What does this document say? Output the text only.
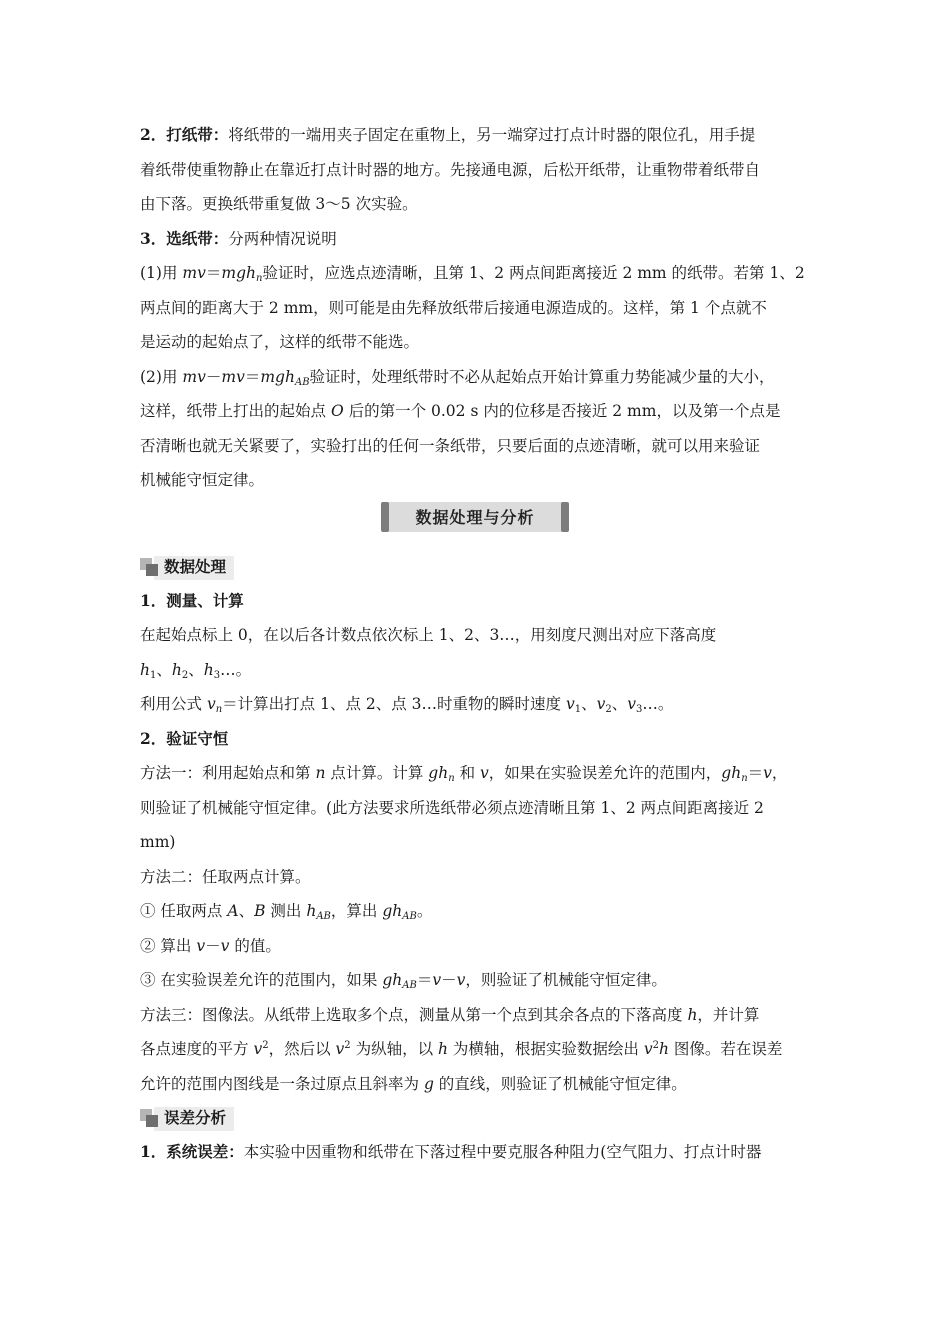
2．打纸带：将纸带的一端用夹子固定在重物上，另一端穿过打点计时器的限位孔，用手提

着纸带使重物静止在靠近打点计时器的地方。先接通电源，后松开纸带，让重物带着纸带自

由下落。更换纸带重复做 3～5 次实验。

3．选纸带：分两种情况说明

(1)用 mv＝mgh$_n$验证时，应选点迹清晰，且第 1、2 两点间距离接近 2 mm 的纸带。若第 1、2

两点间的距离大于 2 mm，则可能是由先释放纸带后接通电源造成的。这样，第 1 个点就不

是运动的起始点了，这样的纸带不能选。

(2)用 mv－mv＝mgh$_{AB}$验证时，处理纸带时不必从起始点开始计算重力势能减少量的大小，

这样，纸带上打出的起始点 O 后的第一个 0.02 s 内的位移是否接近 2 mm，以及第一个点是

否清晰也就无关紧要了，实验打出的任何一条纸带，只要后面的点迹清晰，就可以用来验证

机械能守恒定律。

数据处理与分析
数据处理

1．测量、计算

在起始点标上 0，在以后各计数点依次标上 1、2、3…，用刻度尺测出对应下落高度

$h_1$、$h_2$、$h_3\dots$。

利用公式 $v_n=$计算出打点 1、点 2、点 3…时重物的瞬时速度 $v_1$、$v_2$、$v_3\dots$。

2．验证守恒

方法一：利用起始点和第 n 点计算。计算 $gh_n$ 和 v，如果在实验误差允许的范围内，$gh_n=v$，

则验证了机械能守恒定律。(此方法要求所选纸带必须点迹清晰且第 1、2 两点间距离接近 2

mm)

方法二：任取两点计算。

① 任取两点 A、B 测出 $h_{AB}$，算出 $gh_{AB}$。

② 算出 v－v 的值。

③ 在实验误差允许的范围内，如果 $gh_{AB}=v-v$，则验证了机械能守恒定律。

方法三：图像法。从纸带上选取多个点，测量从第一个点到其余各点的下落高度 h，并计算

各点速度的平方 $v^2$，然后以 $v^2$ 为纵轴，以 h 为横轴，根据实验数据绘出 $v^2h$ 图像。若在误差

允许的范围内图线是一条过原点且斜率为 g 的直线，则验证了机械能守恒定律。

误差分析

1．系统误差：本实验中因重物和纸带在下落过程中要克服各种阻力(空气阻力、打点计时器
